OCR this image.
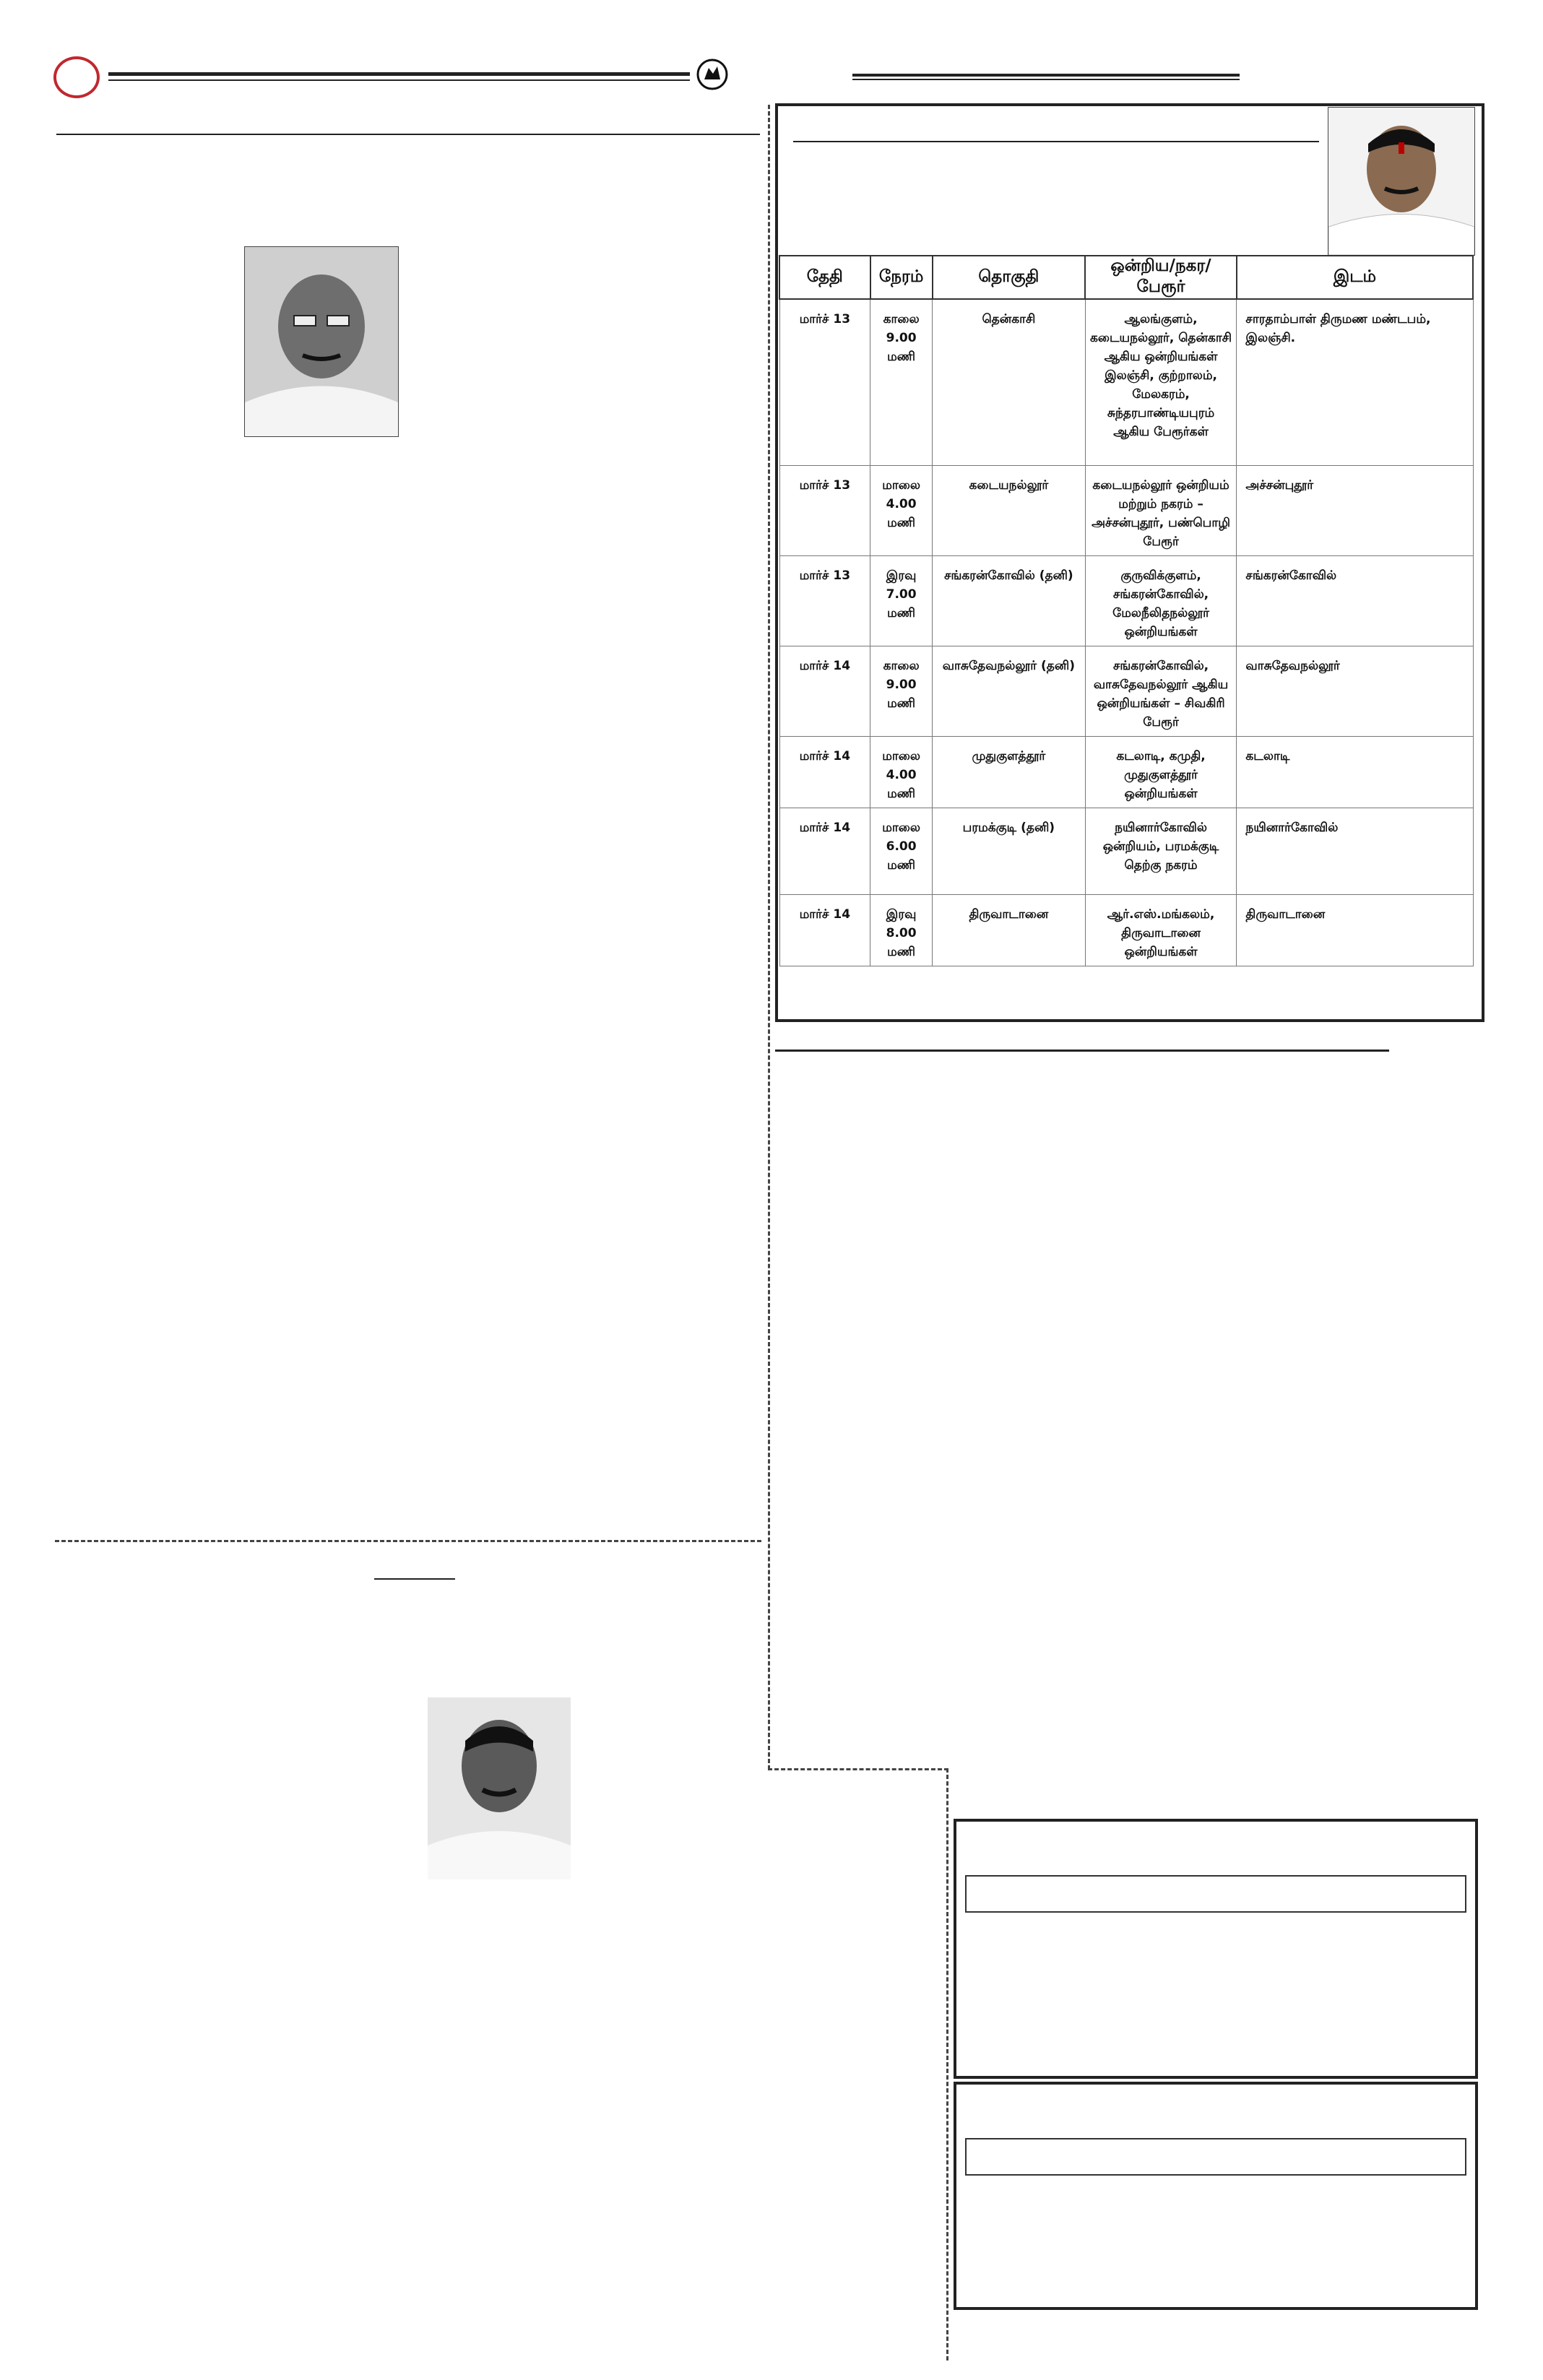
தேதி	நேரம்	தொகுதி	ஒன்றிய/நகர/பேரூர்	இடம்
மார்ச் 13	காலை 9.00 மணி	தென்காசி	ஆலங்குளம், கடையநல்லூர், தென்காசி ஆகிய ஒன்றியங்கள் இலஞ்சி, குற்றாலம், மேலகரம், சுந்தரபாண்டியபுரம் ஆகிய பேரூர்கள்	சாரதாம்பாள் திருமண மண்டபம், இலஞ்சி.
மார்ச் 13	மாலை 4.00 மணி	கடையநல்லூர்	கடையநல்லூர் ஒன்றியம் மற்றும் நகரம் – அச்சன்புதூர், பண்பொழி பேரூர்	அச்சன்புதூர்
மார்ச் 13	இரவு 7.00 மணி	சங்கரன்கோவில் (தனி)	குருவிக்குளம், சங்கரன்கோவில், மேலநீலிதநல்லூர் ஒன்றியங்கள்	சங்கரன்கோவில்
மார்ச் 14	காலை 9.00 மணி	வாசுதேவநல்லூர் (தனி)	சங்கரன்கோவில், வாசுதேவநல்லூர் ஆகிய ஒன்றியங்கள் – சிவகிரி பேரூர்	வாசுதேவநல்லூர்
மார்ச் 14	மாலை 4.00 மணி	முதுகுளத்தூர்	கடலாடி, கமுதி, முதுகுளத்தூர் ஒன்றியங்கள்	கடலாடி
மார்ச் 14	மாலை 6.00 மணி	பரமக்குடி (தனி)	நயினார்கோவில் ஒன்றியம், பரமக்குடி தெற்கு நகரம்	நயினார்கோவில்
மார்ச் 14	இரவு 8.00 மணி	திருவாடானை	ஆர்.எஸ்.மங்கலம், திருவாடானை ஒன்றியங்கள்	திருவாடானை
